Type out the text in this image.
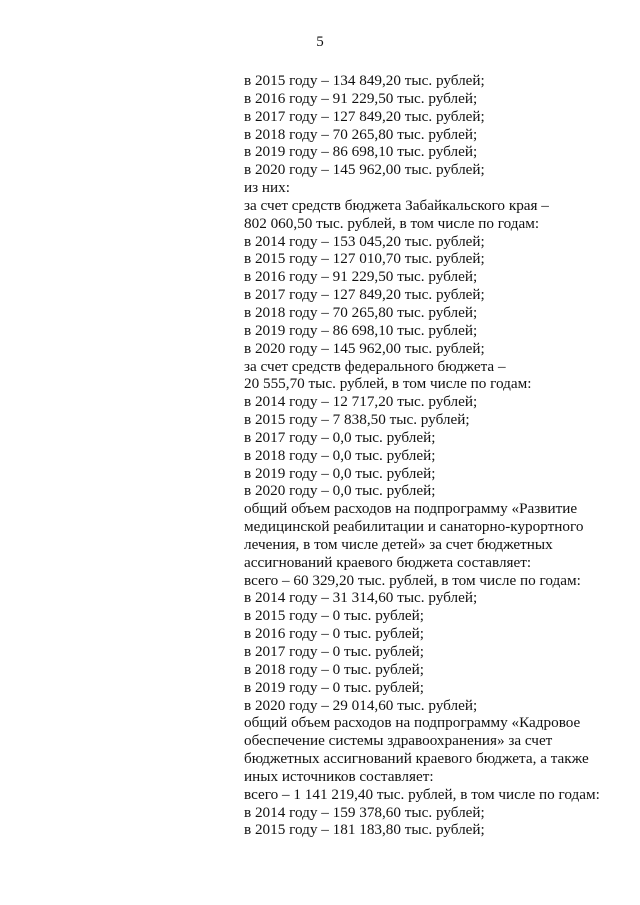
5
в 2015 году – 134 849,20 тыс. рублей;
в 2016 году – 91 229,50 тыс. рублей;
в 2017 году – 127 849,20 тыс. рублей;
в 2018 году – 70 265,80 тыс. рублей;
в 2019 году – 86 698,10 тыс. рублей;
в 2020 году – 145 962,00 тыс. рублей;
из них:
за счет средств бюджета Забайкальского края –
802 060,50 тыс. рублей, в том числе по годам:
в 2014 году – 153 045,20 тыс. рублей;
в 2015 году – 127 010,70 тыс. рублей;
в 2016 году – 91 229,50 тыс. рублей;
в 2017 году – 127 849,20 тыс. рублей;
в 2018 году – 70 265,80 тыс. рублей;
в 2019 году – 86 698,10 тыс. рублей;
в 2020 году – 145 962,00 тыс. рублей;
за счет средств федерального бюджета –
20 555,70 тыс. рублей, в том числе по годам:
в 2014 году – 12 717,20 тыс. рублей;
в 2015 году – 7 838,50 тыс. рублей;
в 2017 году – 0,0 тыс. рублей;
в 2018 году – 0,0 тыс. рублей;
в 2019 году – 0,0 тыс. рублей;
в 2020 году – 0,0 тыс. рублей;
общий объем расходов на подпрограмму «Развитие
медицинской реабилитации и санаторно-курортного
лечения, в том числе детей» за счет бюджетных
ассигнований краевого бюджета составляет:
всего – 60 329,20 тыс. рублей, в том числе по годам:
в 2014 году – 31 314,60 тыс. рублей;
в 2015 году – 0 тыс. рублей;
в 2016 году – 0 тыс. рублей;
в 2017 году – 0 тыс. рублей;
в 2018 году – 0 тыс. рублей;
в 2019 году – 0 тыс. рублей;
в 2020 году – 29 014,60 тыс. рублей;
общий объем расходов на подпрограмму «Кадровое
обеспечение системы здравоохранения» за счет
бюджетных ассигнований краевого бюджета, а также
иных источников составляет:
всего – 1 141 219,40 тыс. рублей, в том числе по годам:
в 2014 году – 159 378,60 тыс. рублей;
в 2015 году – 181 183,80 тыс. рублей;
